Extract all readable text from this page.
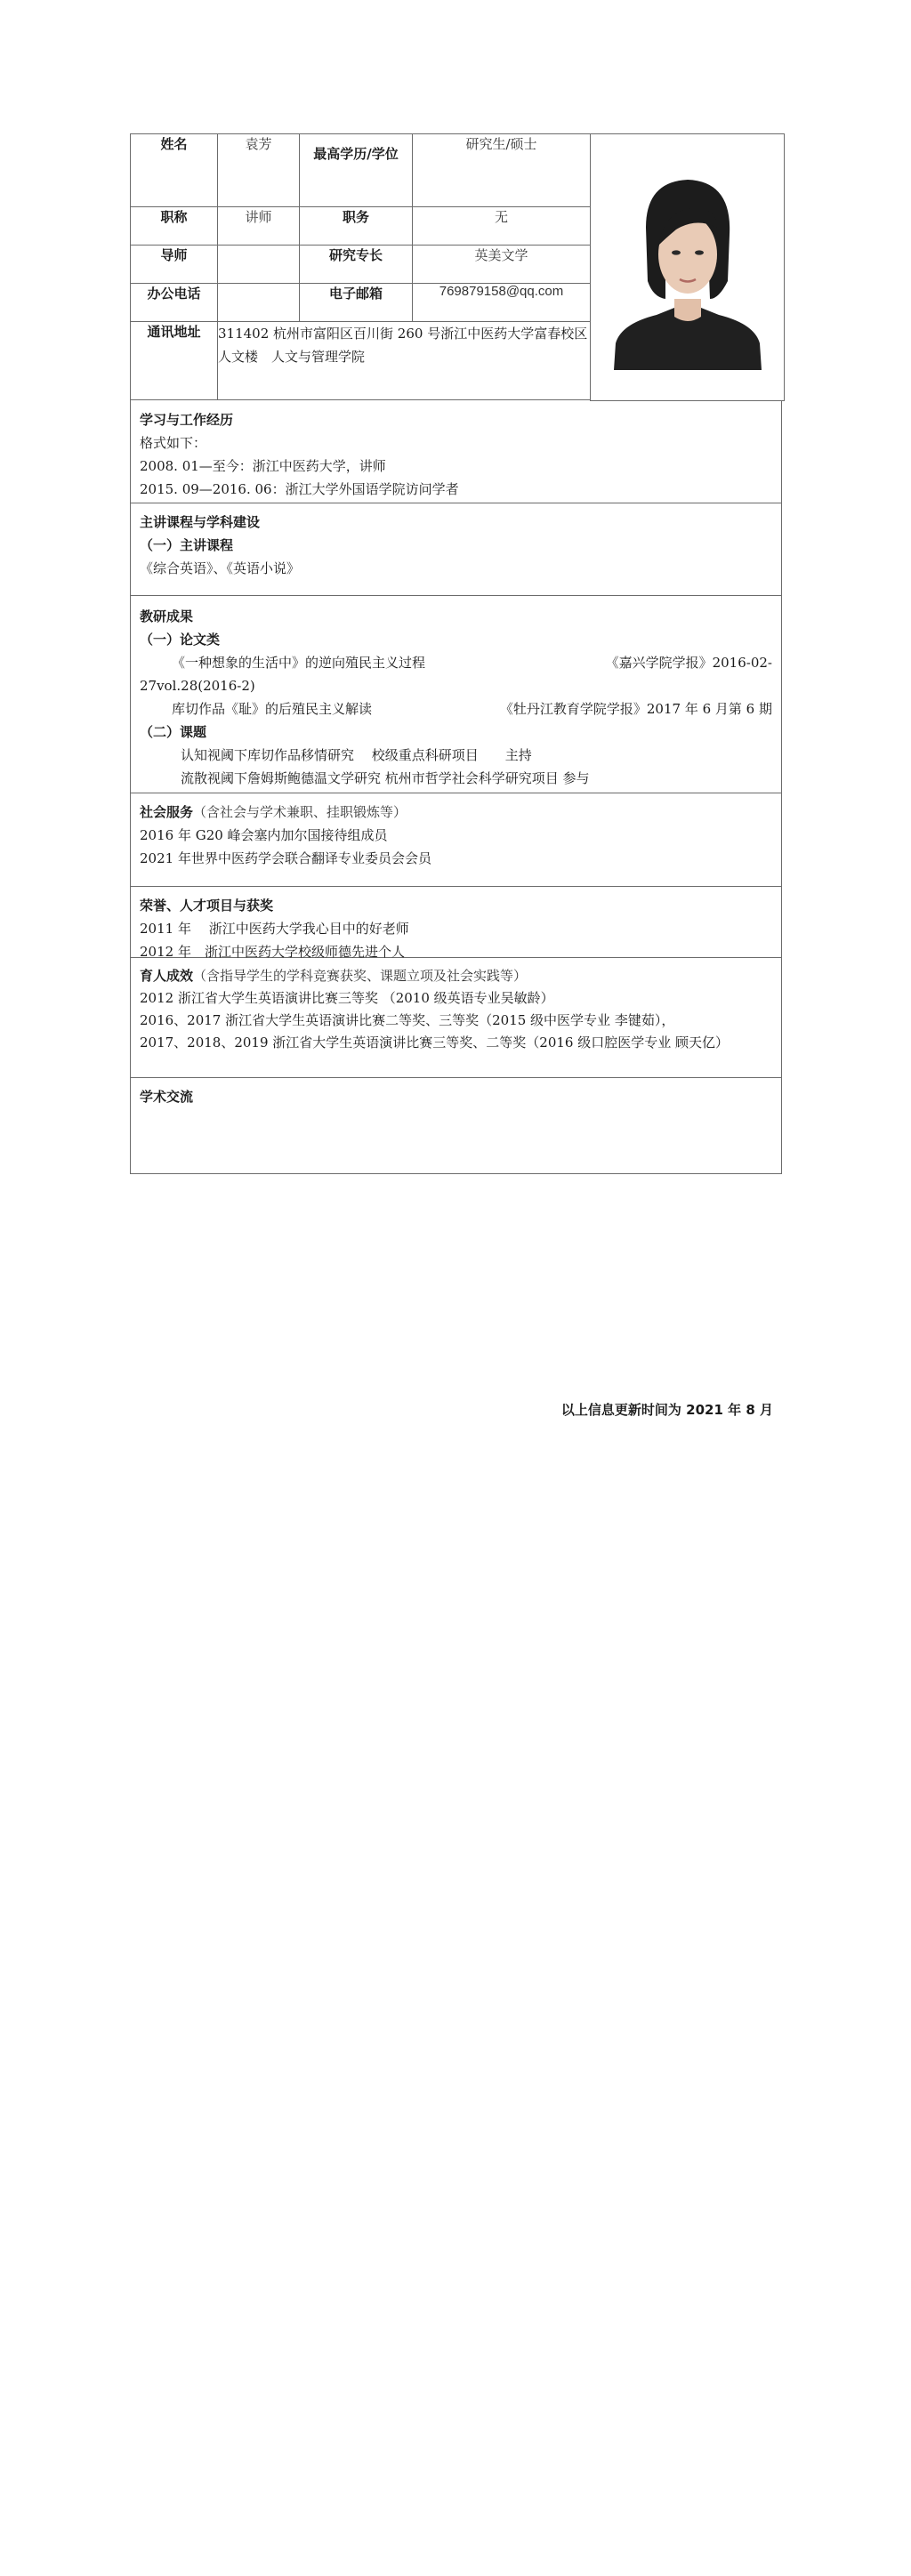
姓名	袁芳	最高学历/学位	研究生/硕士	

职称	讲师	职务	无	
导师		研究专长	英美文学	
办公电话		电子邮箱	769879158@qq.com	
通讯地址	311402 杭州市富阳区百川街 260 号浙江中医药大学富春校区人文楼　人文与管理学院			

学习与工作经历
格式如下：
2008. 01—至今：浙江中医药大学，讲师
2015. 09—2016. 06：浙江大学外国语学院访问学者
主讲课程与学科建设
（一）主讲课程
《综合英语》、《英语小说》
教研成果
（一）论文类
《一种想象的生活中》的逆向殖民主义过程	《嘉兴学院学报》2016-02-
27vol.28(2016-2)
库切作品《耻》的后殖民主义解读	《牡丹江教育学院学报》2017 年 6 月第 6 期
（二）课题
认知视阈下库切作品移情研究　 校级重点科研项目　　主持
流散视阈下詹姆斯鲍德温文学研究 杭州市哲学社会科学研究项目 参与
社会服务（含社会与学术兼职、挂职锻炼等）
2016 年 G20 峰会塞内加尔国接待组成员
2021 年世界中医药学会联合翻译专业委员会会员
荣誉、人才项目与获奖
2011 年　 浙江中医药大学我心目中的好老师
2012 年　浙江中医药大学校级师德先进个人
育人成效（含指导学生的学科竞赛获奖、课题立项及社会实践等）
2012 浙江省大学生英语演讲比赛三等奖 （2010 级英语专业吴敏龄）
2016、2017 浙江省大学生英语演讲比赛二等奖、三等奖（2015 级中医学专业 李键茹），
2017、2018、2019 浙江省大学生英语演讲比赛三等奖、二等奖（2016 级口腔医学专业 顾天亿）
学术交流
以上信息更新时间为 2021 年 8 月
